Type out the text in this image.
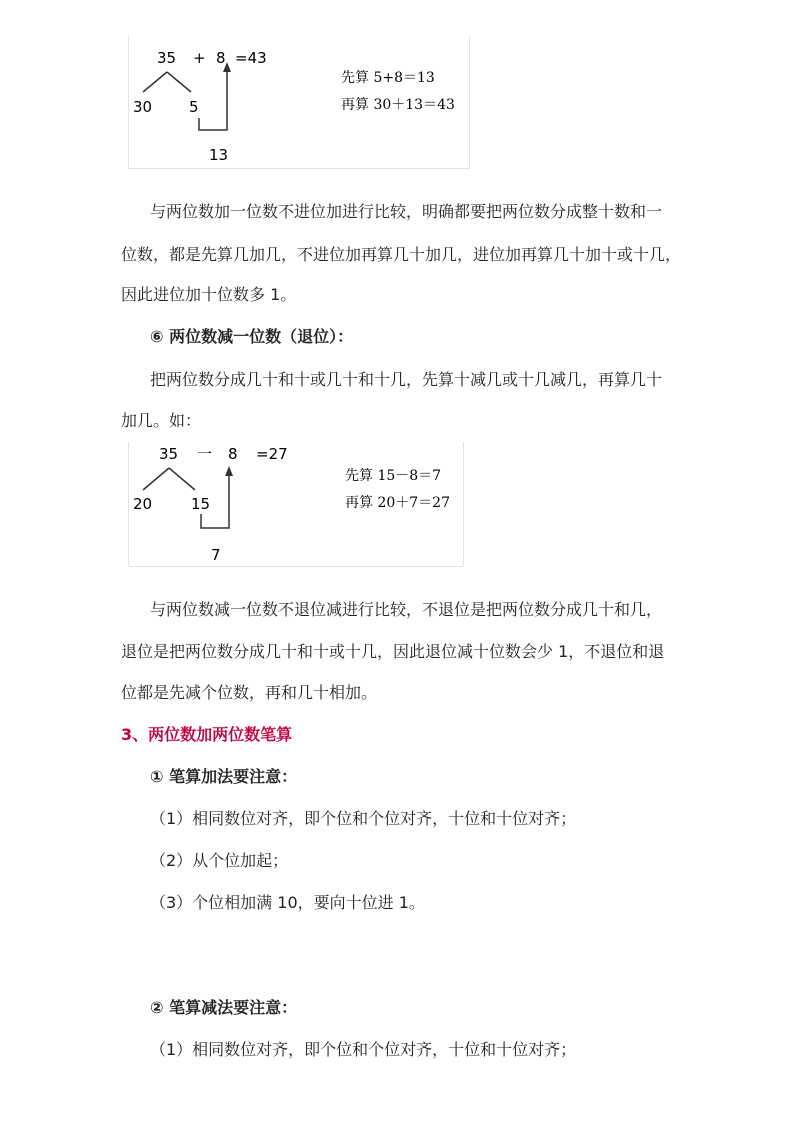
35 + 8 =43
30 5
13
先算 5+8＝13
再算 30＋13＝43
与两位数加一位数不进位加进行比较，明确都要把两位数分成整十数和一
位数，都是先算几加几，不进位加再算几十加几，进位加再算几十加十或十几，
因此进位加十位数多 1。
⑥ 两位数减一位数（退位）：
把两位数分成几十和十或几十和十几，先算十减几或十几减几，再算几十
加几。如：
35 一 8 =27
20	15
7
先算 15－8＝7
再算 20＋7＝27
与两位数减一位数不退位减进行比较，不退位是把两位数分成几十和几，
退位是把两位数分成几十和十或十几，因此退位减十位数会少 1，不退位和退
位都是先减个位数，再和几十相加。
3、两位数加两位数笔算
① 笔算加法要注意：
（1）相同数位对齐，即个位和个位对齐，十位和十位对齐；
（2）从个位加起；
（3）个位相加满 10，要向十位进 1。
② 笔算减法要注意：
（1）相同数位对齐，即个位和个位对齐，十位和十位对齐；
